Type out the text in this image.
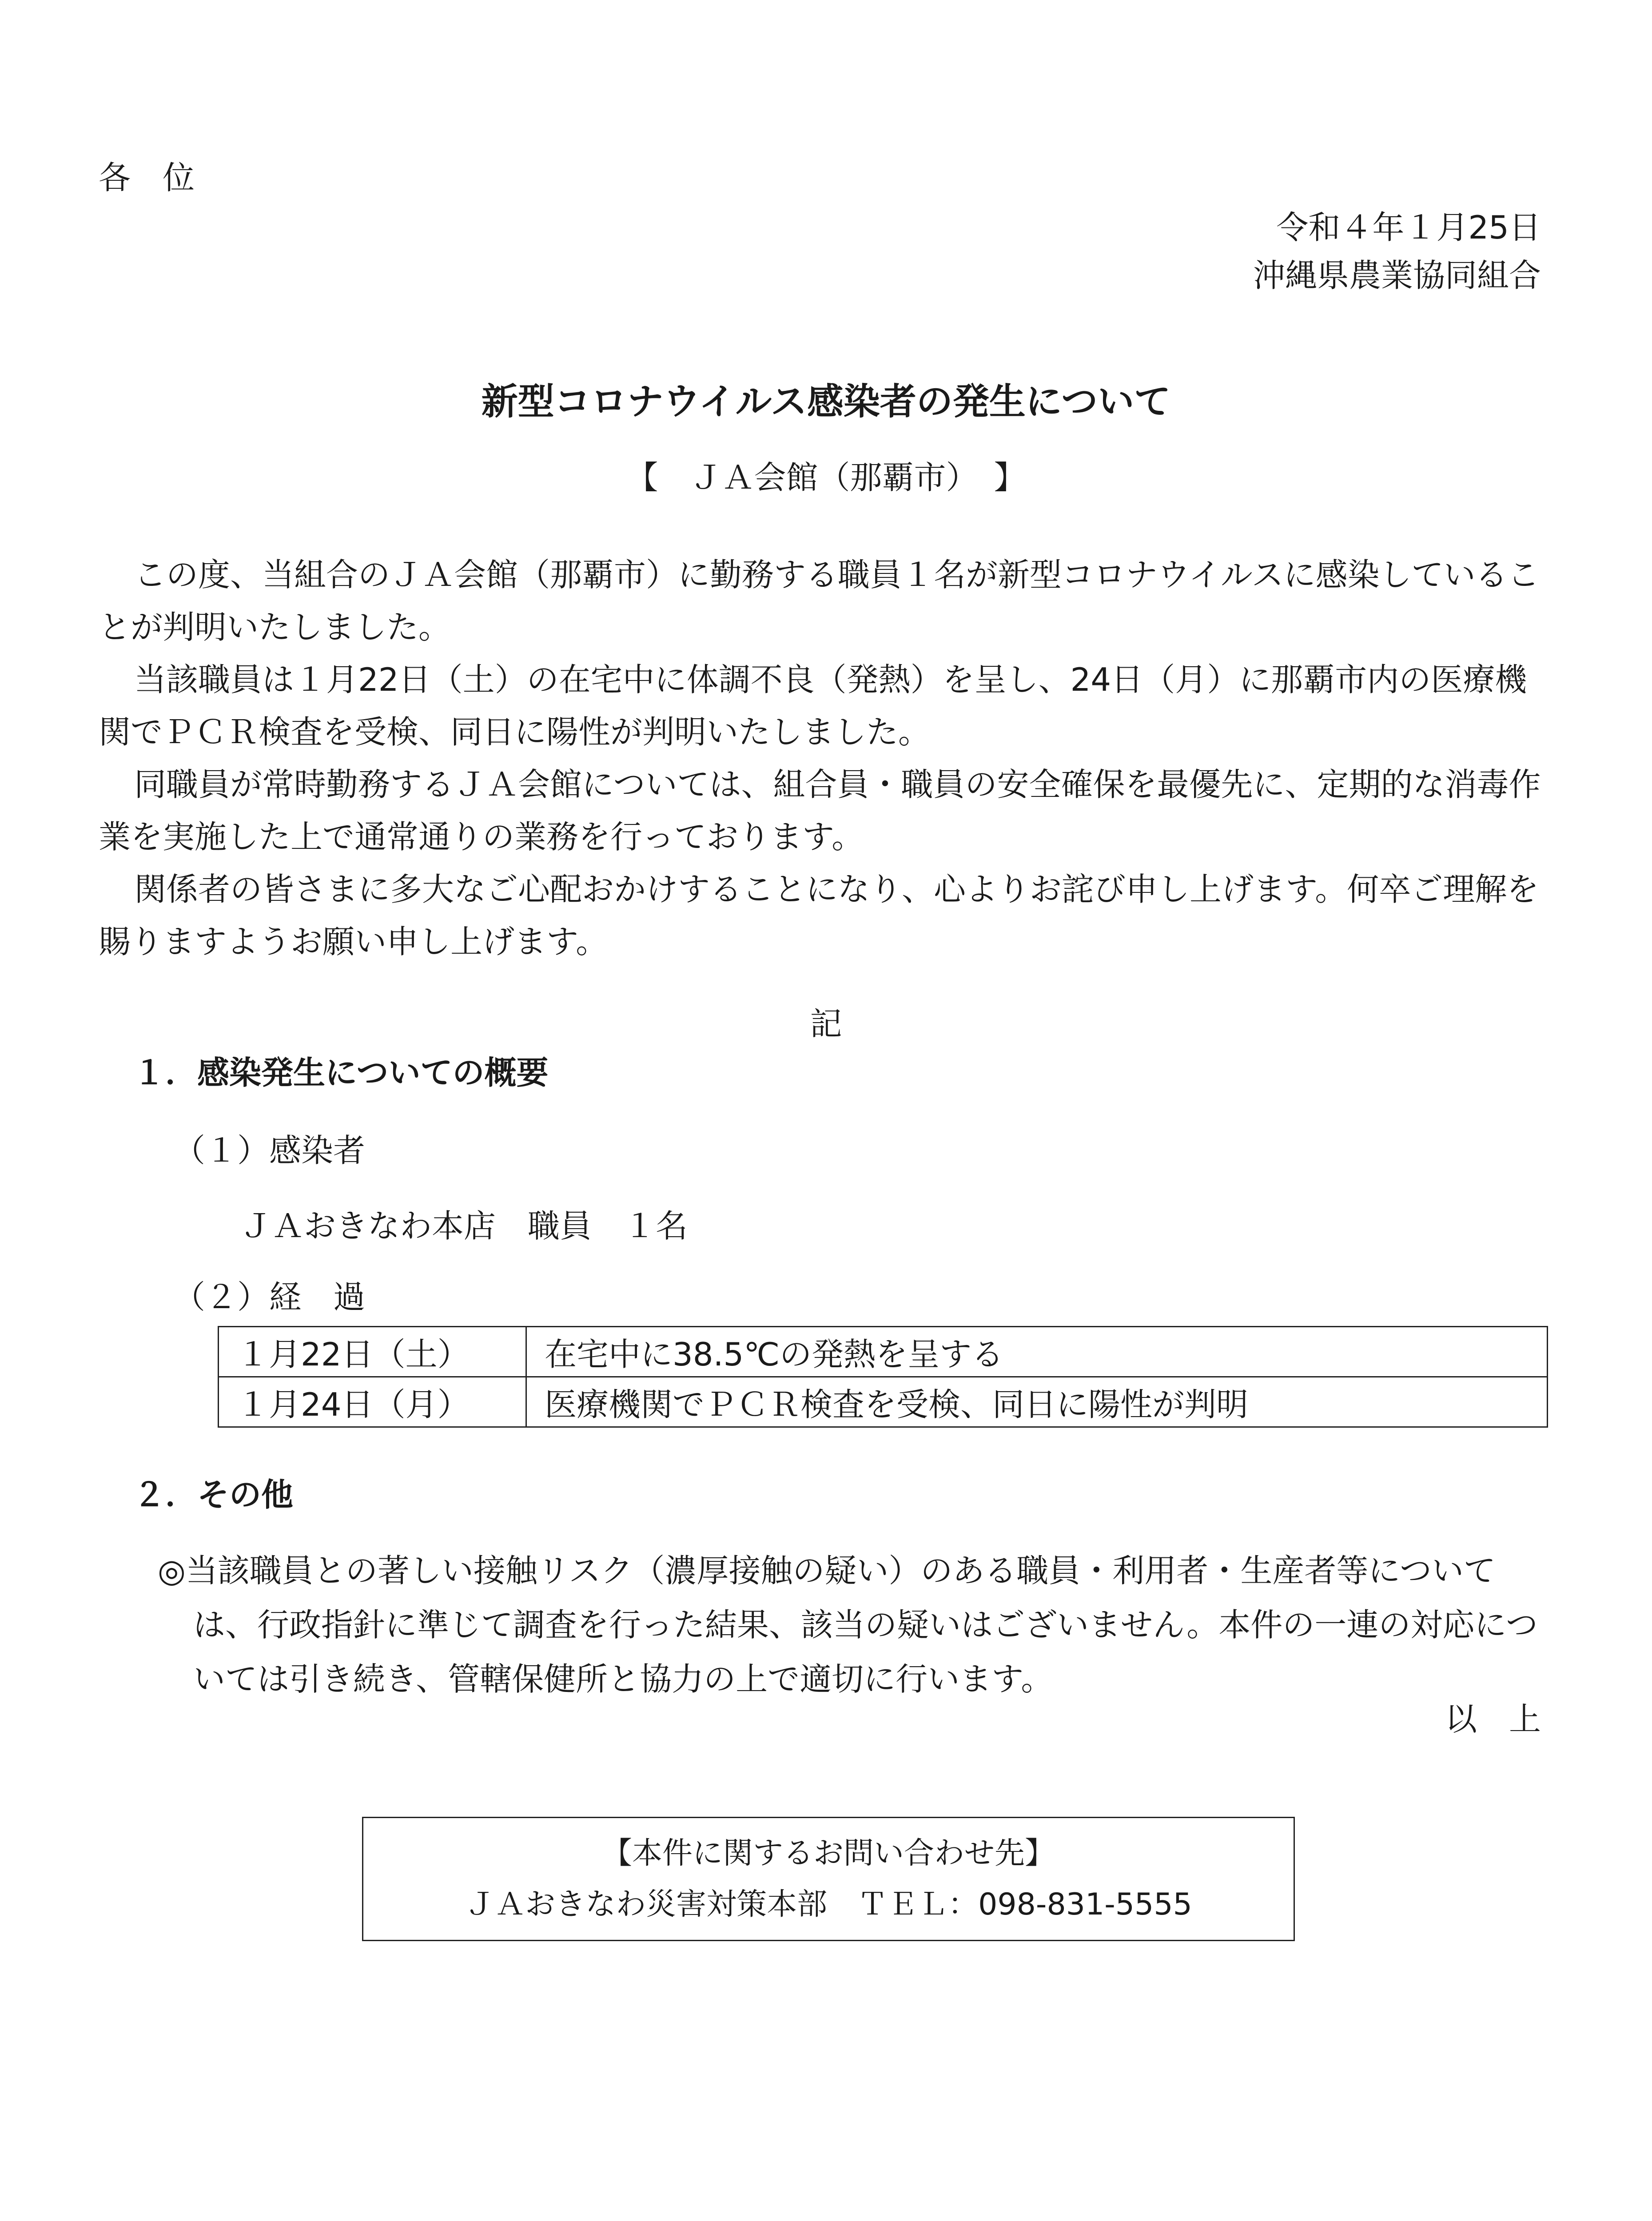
各　位
令和４年１月25日
沖縄県農業協同組合
新型コロナウイルス感染者の発生について
【　ＪＡ会館（那覇市）　】

この度、当組合のＪＡ会館（那覇市）に勤務する職員１名が新型コロナウイルスに感染していることが判明いたしました。

当該職員は１月22日（土）の在宅中に体調不良（発熱）を呈し、24日（月）に那覇市内の医療機関でＰＣＲ検査を受検、同日に陽性が判明いたしました。

同職員が常時勤務するＪＡ会館については、組合員・職員の安全確保を最優先に、定期的な消毒作業を実施した上で通常通りの業務を行っております。

関係者の皆さまに多大なご心配おかけすることになり、心よりお詫び申し上げます。何卒ご理解を賜りますようお願い申し上げます。

記
１．感染発生についての概要
（１）感染者
ＪＡおきなわ本店　職員　１名
（２）経　過
１月22日（土）	在宅中に38.5℃の発熱を呈する
１月24日（月）	医療機関でＰＣＲ検査を受検、同日に陽性が判明
２．その他

◎当該職員との著しい接触リスク（濃厚接触の疑い）のある職員・利用者・生産者等については、行政指針に準じて調査を行った結果、該当の疑いはございません。本件の一連の対応については引き続き、管轄保健所と協力の上で適切に行います。

以　上
【本件に関するお問い合わせ先】
ＪＡおきなわ災害対策本部　ＴＥＬ：098-831-5555
